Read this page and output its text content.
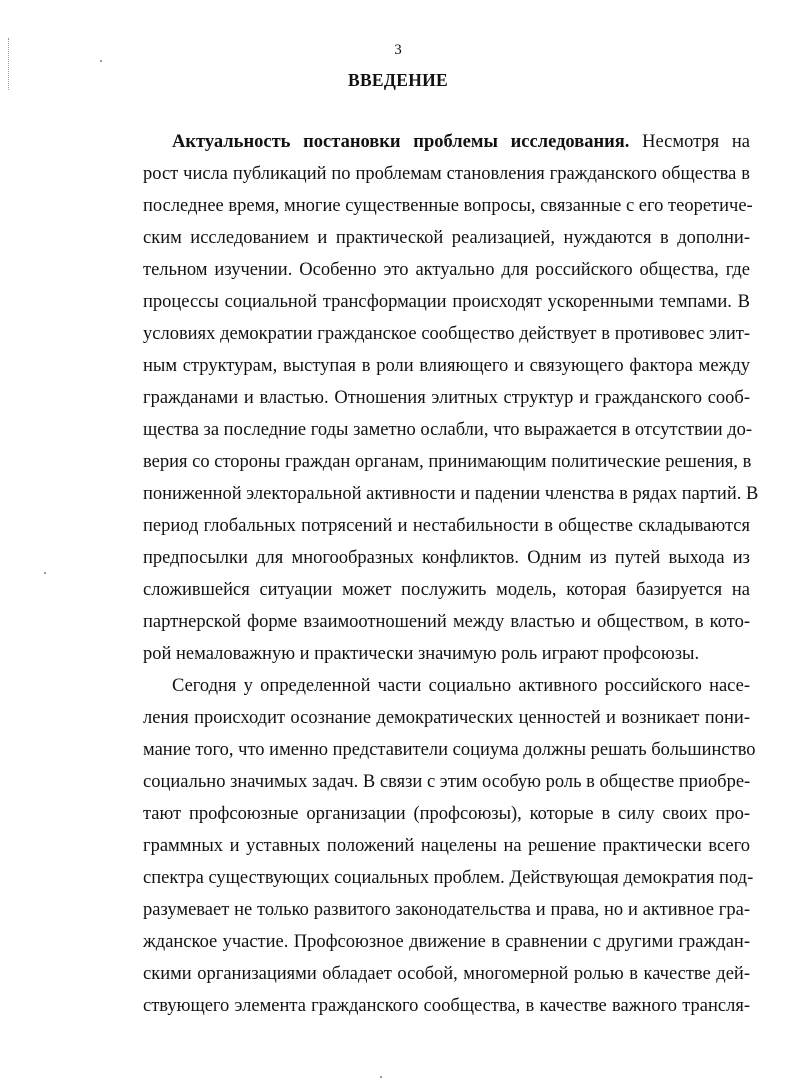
3
ВВЕДЕНИЕ
Актуальность постановки проблемы исследования. Несмотря на
рост числа публикаций по проблемам становления гражданского общества в
последнее время, многие существенные вопросы, связанные с его теоретиче-
ским исследованием и практической реализацией, нуждаются в дополни-
тельном изучении. Особенно это актуально для российского общества, где
процессы социальной трансформации происходят ускоренными темпами. В
условиях демократии гражданское сообщество действует в противовес элит-
ным структурам, выступая в роли влияющего и связующего фактора между
гражданами и властью. Отношения элитных структур и гражданского сооб-
щества за последние годы заметно ослабли, что выражается в отсутствии до-
верия со стороны граждан органам, принимающим политические решения, в
пониженной электоральной активности и падении членства в рядах партий. В
период глобальных потрясений и нестабильности в обществе складываются
предпосылки для многообразных конфликтов. Одним из путей выхода из
сложившейся ситуации может послужить модель, которая базируется на
партнерской форме взаимоотношений между властью и обществом, в кото-
рой немаловажную и практически значимую роль играют профсоюзы.
Сегодня у определенной части социально активного российского насе-
ления происходит осознание демократических ценностей и возникает пони-
мание того, что именно представители социума должны решать большинство
социально значимых задач. В связи с этим особую роль в обществе приобре-
тают профсоюзные организации (профсоюзы), которые в силу своих про-
граммных и уставных положений нацелены на решение практически всего
спектра существующих социальных проблем. Действующая демократия под-
разумевает не только развитого законодательства и права, но и активное гра-
жданское участие. Профсоюзное движение в сравнении с другими граждан-
скими организациями обладает особой, многомерной ролью в качестве дей-
ствующего элемента гражданского сообщества, в качестве важного трансля-
